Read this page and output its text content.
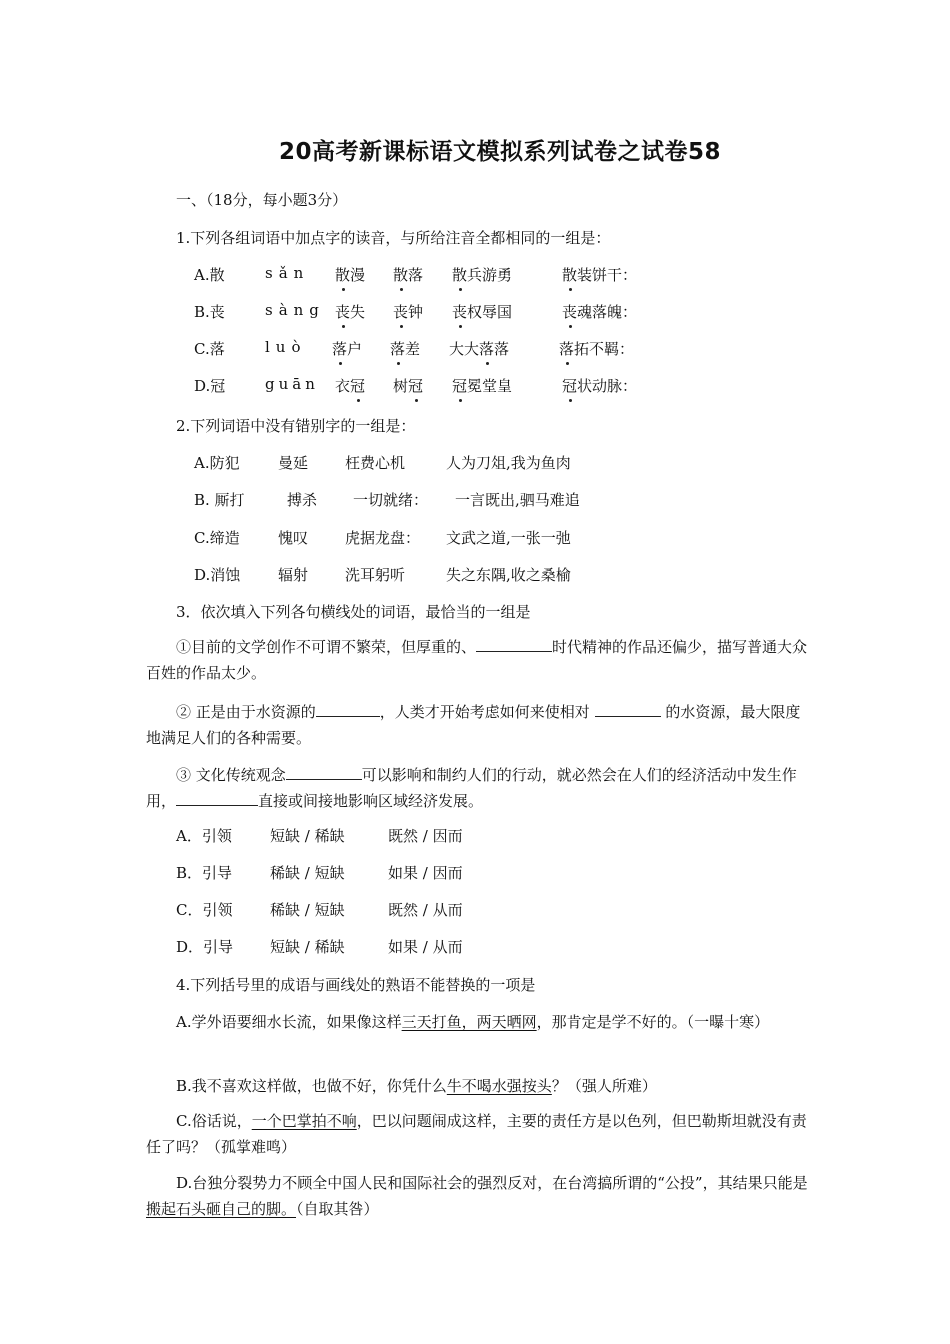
20高考新课标语文模拟系列试卷之试卷58
一、（18分，每小题3分）
1.下列各组词语中加点字的读音，与所给注音全都相同的一组是：
A.散	sǎn 散漫 散落 散兵游勇	散装饼干：
B.丧	sàng 丧失 丧钟 丧权辱国	丧魂落魄：
C.落	luò 落户 落差 大大落落	落拓不羁：
D.冠	guān 衣冠 树冠 冠冕堂皇	冠状动脉：
2.下列词语中没有错别字的一组是：
A.防犯	曼延 枉费心机	人为刀俎,我为鱼肉
B. 厮打	搏杀 一切就绪： 一言既出,驷马难追
C.缔造	愧叹 虎据龙盘： 文武之道,一张一弛
D.消蚀	辐射 洗耳躬听	失之东隅,收之桑榆
3．依次填入下列各句横线处的词语，最恰当的一组是
①目前的文学创作不可谓不繁荣，但厚重的、	时代精神的作品还偏少，描写普通大众百姓的作品太少。
② 正是由于水资源的	，人类才开始考虑如何来使相对	的水资源，最大限度地满足人们的各种需要。
③ 文化传统观念	可以影响和制约人们的行动，就必然会在人们的经济活动中发生作用，	直接或间接地影响区域经济发展。
A．引领	短缺 / 稀缺	既然 / 因而
B．引导	稀缺 / 短缺	如果 / 因而
C．引领	稀缺 / 短缺	既然 / 从而
D．引导 短缺 / 稀缺	如果 / 从而
4.下列括号里的成语与画线处的熟语不能替换的一项是
A.学外语要细水长流，如果像这样三天打鱼，两天晒网，那肯定是学不好的。（一曝十寒）
B.我不喜欢这样做，也做不好，你凭什么牛不喝水强按头？（强人所难）
C.俗话说，一个巴掌拍不响，巴以问题闹成这样，主要的责任方是以色列，但巴勒斯坦就没有责任了吗？（孤掌难鸣）
D.台独分裂势力不顾全中国人民和国际社会的强烈反对，在台湾搞所谓的“公投”，其结果只能是搬起石头砸自己的脚。（自取其咎）
